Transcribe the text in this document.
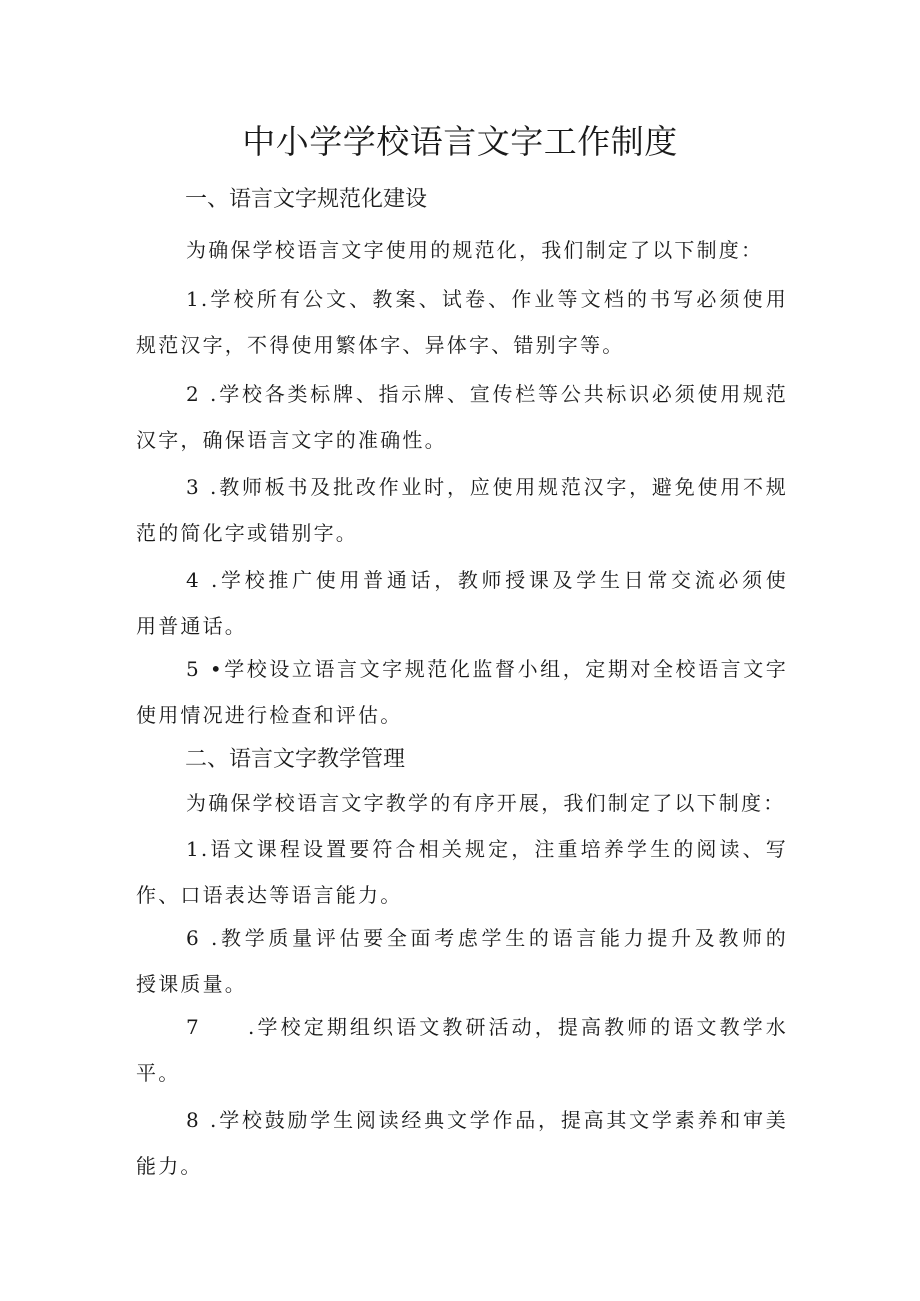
中小学学校语言文字工作制度
一、语言文字规范化建设

为确保学校语言文字使用的规范化，我们制定了以下制度：

1.学校所有公文、教案、试卷、作业等文档的书写必须使用
规范汉字，不得使用繁体字、异体字、错别字等。
2 .学校各类标牌、指示牌、宣传栏等公共标识必须使用规范
汉字，确保语言文字的准确性。
3 .教师板书及批改作业时，应使用规范汉字，避免使用不规
范的简化字或错别字。
4 .学校推广使用普通话，教师授课及学生日常交流必须使
用普通话。
5 •学校设立语言文字规范化监督小组，定期对全校语言文字
使用情况进行检查和评估。
二、语言文字教学管理

为确保学校语言文字教学的有序开展，我们制定了以下制度：

1.语文课程设置要符合相关规定，注重培养学生的阅读、写
作、口语表达等语言能力。
6 .教学质量评估要全面考虑学生的语言能力提升及教师的
授课质量。
7　　.学校定期组织语文教研活动，提高教师的语文教学水
平。
8 .学校鼓励学生阅读经典文学作品，提高其文学素养和审美
能力。
